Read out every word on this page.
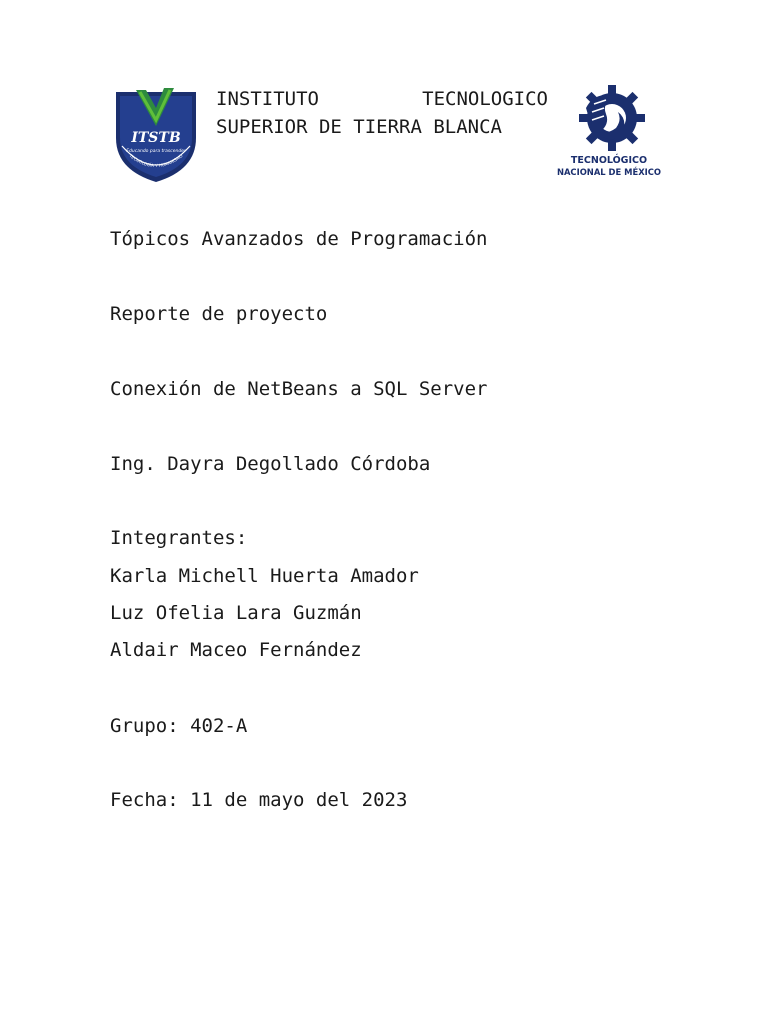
ITSTB
Educando para trascender
TECNOLOGÍA Y HUMANISMO
INSTITUTO	TECNOLOGICO
SUPERIOR DE TIERRA BLANCA
TECNOLÓGICO
NACIONAL DE MÉXICO
Tópicos Avanzados de Programación
Reporte de proyecto
Conexión de NetBeans a SQL Server
Ing. Dayra Degollado Córdoba
Integrantes:
Karla Michell Huerta Amador
Luz Ofelia Lara Guzmán
Aldair Maceo Fernández
Grupo: 402-A
Fecha: 11 de mayo del 2023
